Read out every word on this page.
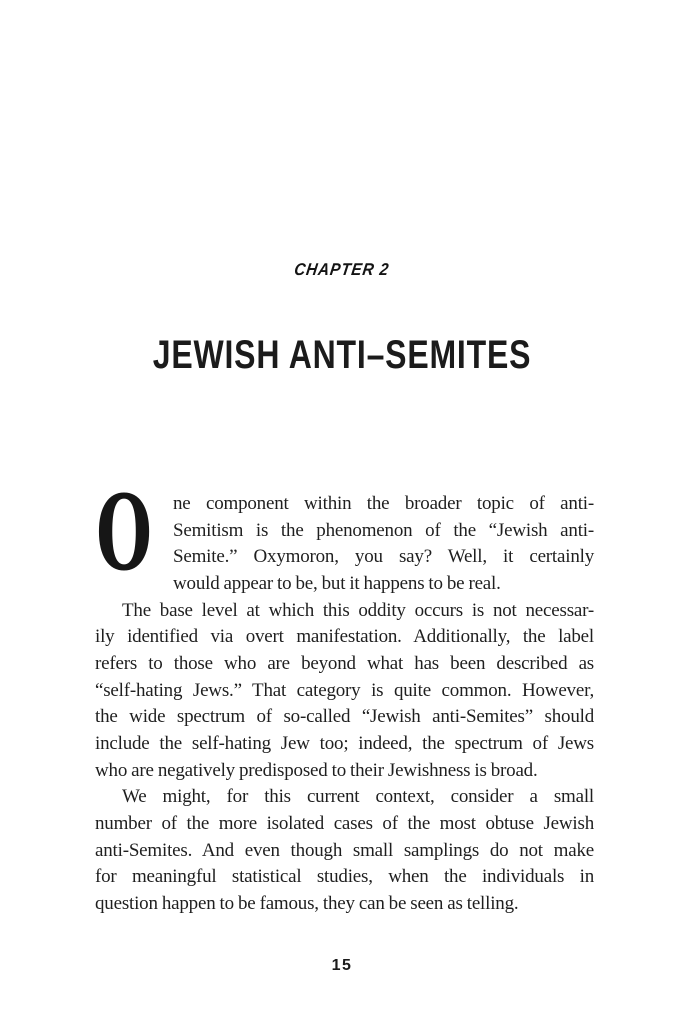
CHAPTER 2
JEWISH ANTI–SEMITES
O	ne component within the broader topic of anti-
Semitism is the phenomenon of the “Jewish anti-
Semite.” Oxymoron, you say? Well, it certainly
would appear to be, but it happens to be real.
The base level at which this oddity occurs is not necessar-
ily identified via overt manifestation. Additionally, the label
refers to those who are beyond what has been described as
“self-hating Jews.” That category is quite common. However,
the wide spectrum of so-called “Jewish anti-Semites” should
include the self-hating Jew too; indeed, the spectrum of Jews
who are negatively predisposed to their Jewishness is broad.
We might, for this current context, consider a small
number of the more isolated cases of the most obtuse Jewish
anti-Semites. And even though small samplings do not make
for meaningful statistical studies, when the individuals in
question happen to be famous, they can be seen as telling.
15
